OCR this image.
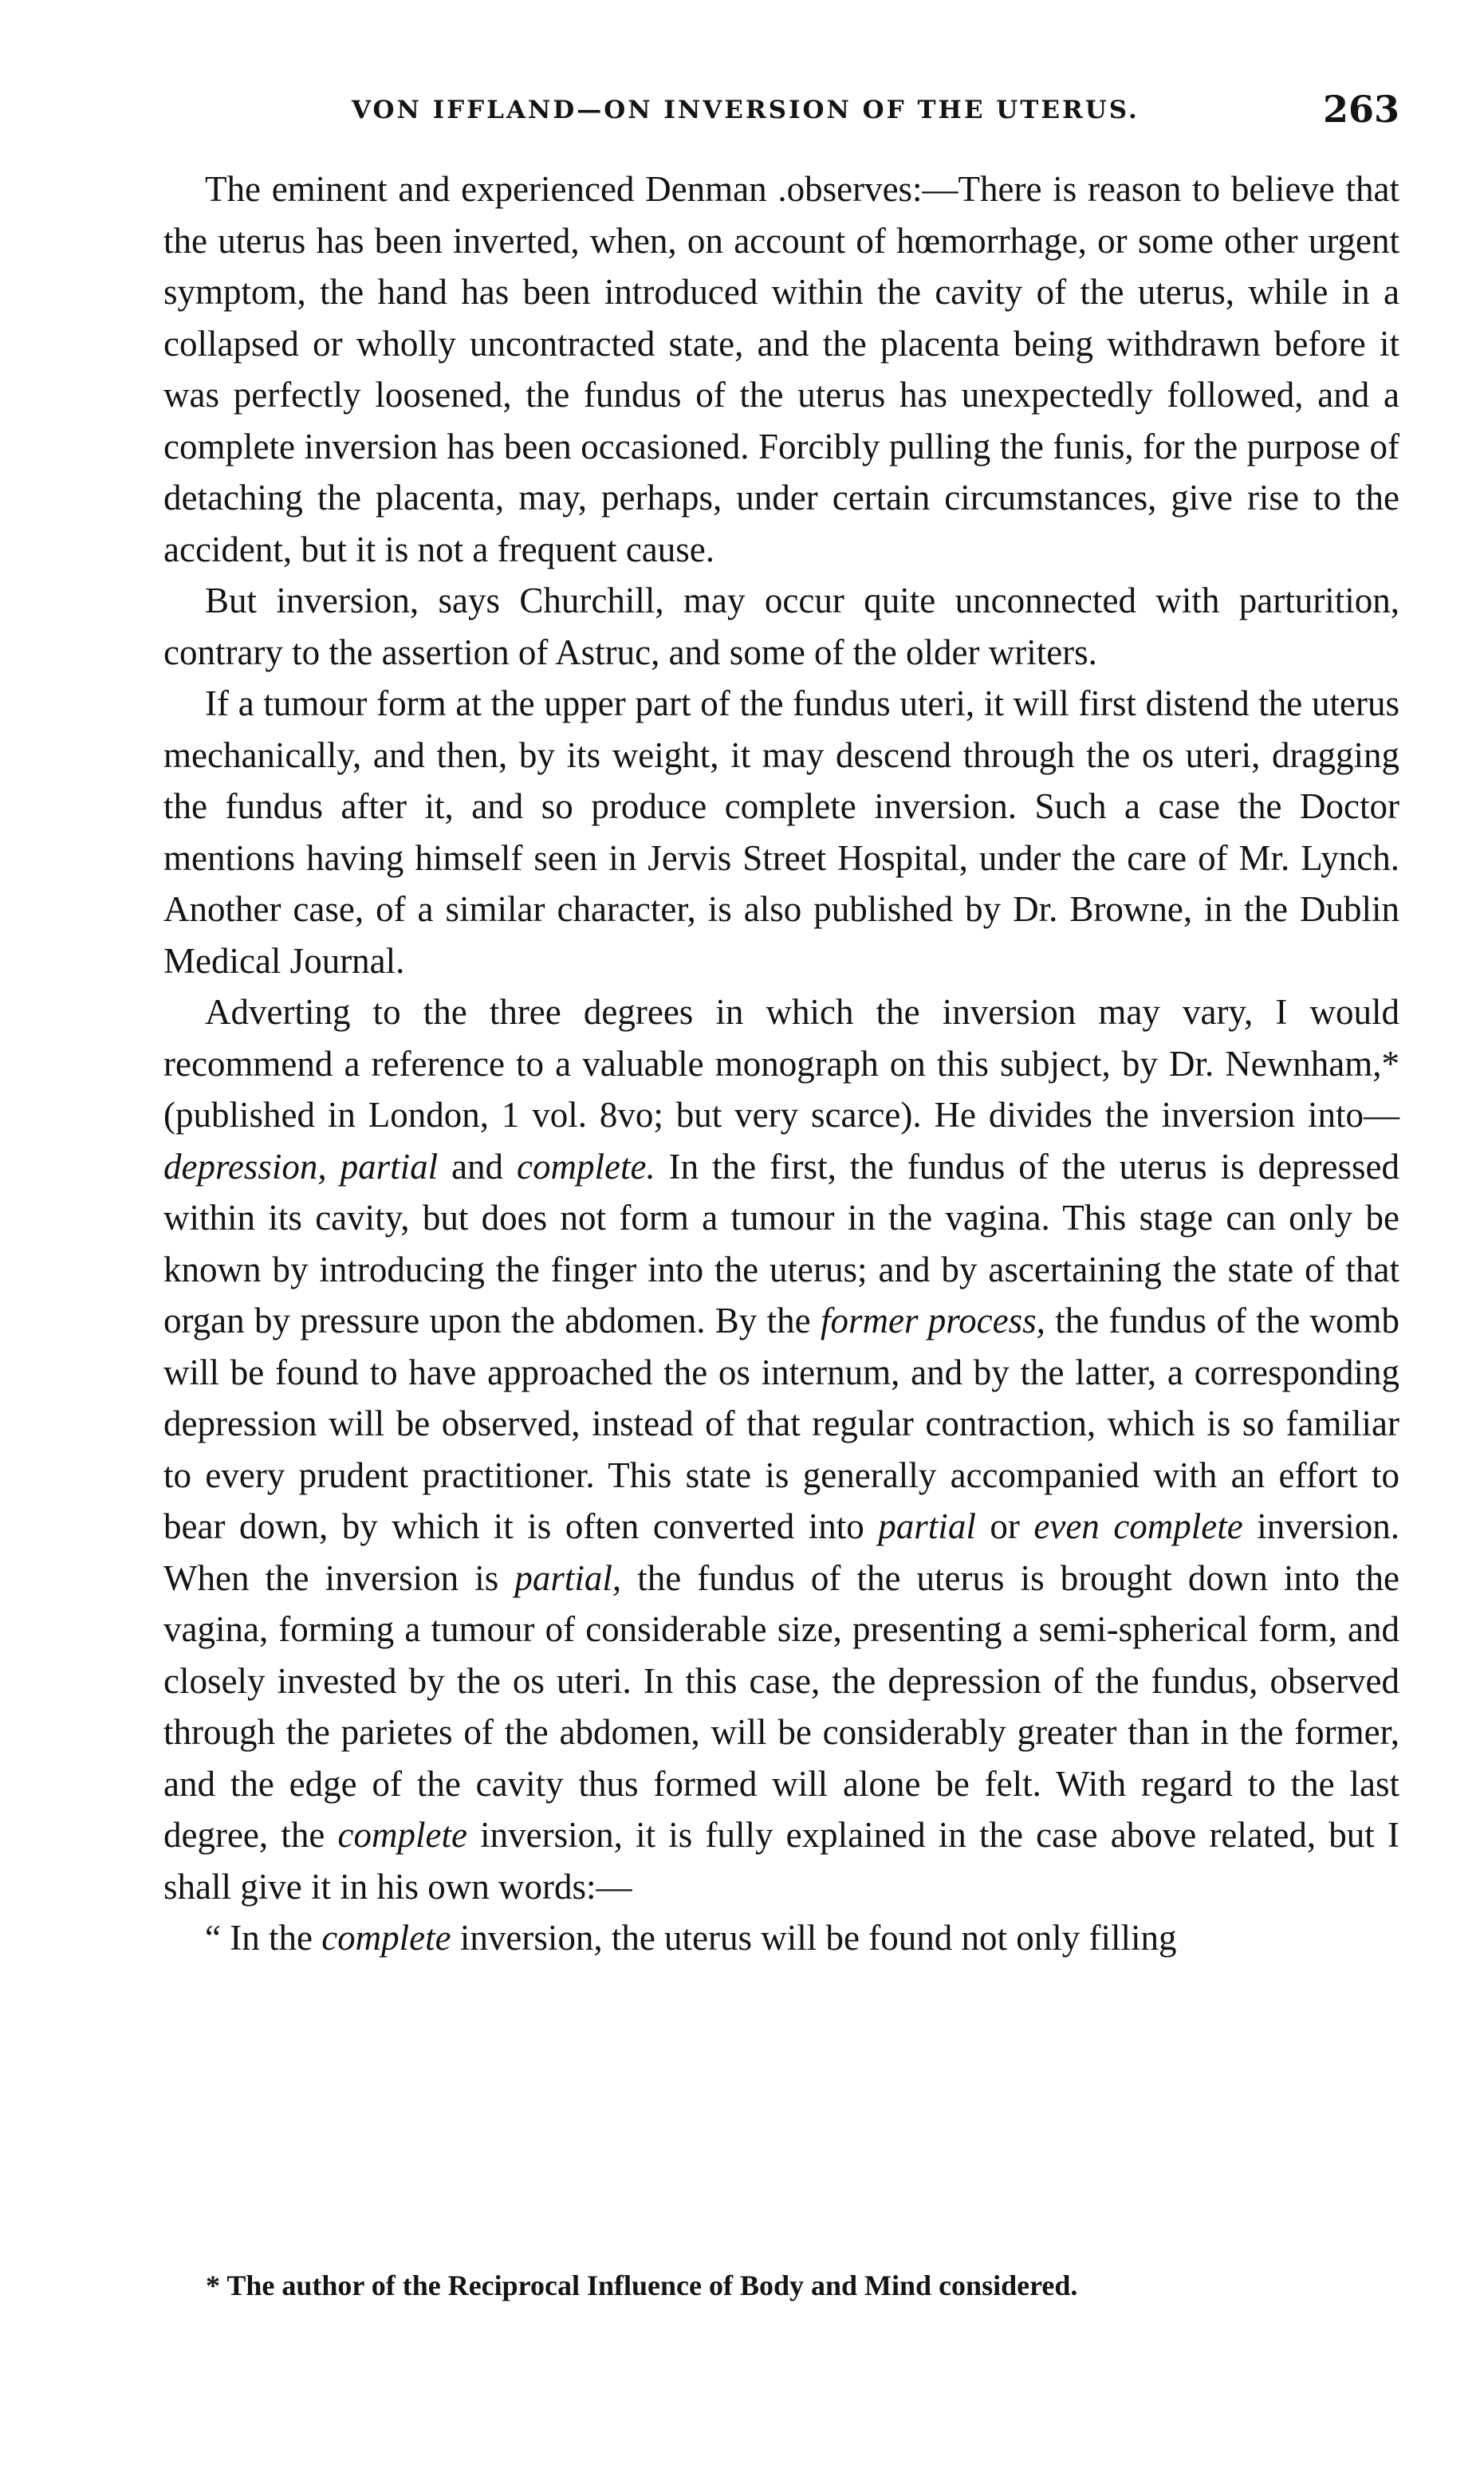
VON IFFLAND—ON INVERSION OF THE UTERUS.	263

The eminent and experienced Denman .observes:—There is reason to believe that the uterus has been inverted, when, on account of hœmorrhage, or some other urgent symptom, the hand has been introduced within the cavity of the uterus, while in a collapsed or wholly uncontracted state, and the placenta being withdrawn before it was perfectly loosened, the fundus of the uterus has unexpectedly followed, and a complete inversion has been occasioned. Forcibly pulling the funis, for the purpose of detaching the placenta, may, perhaps, under certain circumstances, give rise to the accident, but it is not a frequent cause.

But inversion, says Churchill, may occur quite unconnected with parturition, contrary to the assertion of Astruc, and some of the older writers.

If a tumour form at the upper part of the fundus uteri, it will first distend the uterus mechanically, and then, by its weight, it may descend through the os uteri, dragging the fundus after it, and so produce complete inversion. Such a case the Doctor mentions having himself seen in Jervis Street Hospital, under the care of Mr. Lynch. Another case, of a similar character, is also published by Dr. Browne, in the Dublin Medical Journal.

Adverting to the three degrees in which the inversion may vary, I would recommend a reference to a valuable monograph on this subject, by Dr. Newnham,* (published in London, 1 vol. 8vo; but very scarce). He divides the inversion into—depression, partial and complete. In the first, the fundus of the uterus is depressed within its cavity, but does not form a tumour in the vagina. This stage can only be known by introducing the finger into the uterus; and by ascertaining the state of that organ by pressure upon the abdomen. By the former process, the fundus of the womb will be found to have approached the os internum, and by the latter, a corresponding depression will be observed, instead of that regular contraction, which is so familiar to every prudent practitioner. This state is generally accompanied with an effort to bear down, by which it is often converted into partial or even complete inversion. When the inversion is partial, the fundus of the uterus is brought down into the vagina, forming a tumour of considerable size, presenting a semi-spherical form, and closely invested by the os uteri. In this case, the depression of the fundus, observed through the parietes of the abdomen, will be considerably greater than in the former, and the edge of the cavity thus formed will alone be felt. With regard to the last degree, the complete inversion, it is fully explained in the case above related, but I shall give it in his own words:—

“ In the complete inversion, the uterus will be found not only filling

* The author of the Reciprocal Influence of Body and Mind considered.
